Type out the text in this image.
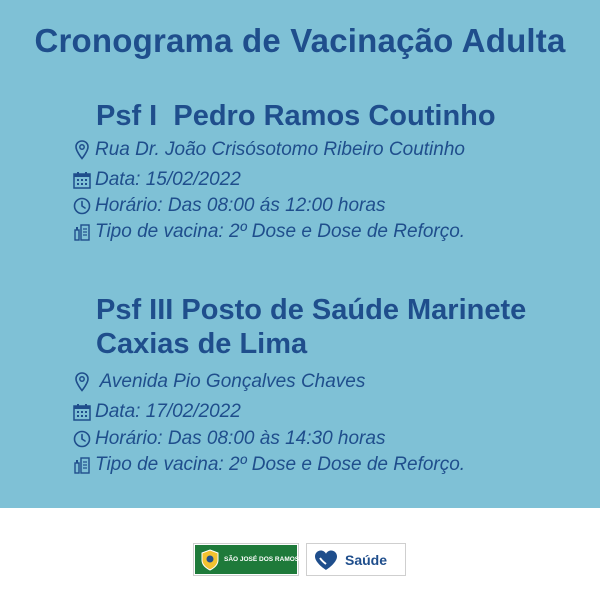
Cronograma de Vacinação Adulta
Psf I  Pedro Ramos Coutinho
Rua Dr. João Crisósotomo Ribeiro Coutinho
Data: 15/02/2022
Horário: Das 08:00 ás 12:00 horas
Tipo de vacina: 2º Dose e Dose de Reforço.
Psf III Posto de Saúde Marinete
Caxias de Lima
Avenida Pio Gonçalves Chaves
Data: 17/02/2022
Horário: Das 08:00 às 14:30 horas
Tipo de vacina: 2º Dose e Dose de Reforço.
SÃO JOSÉ DOS RAMOS	Saúde
